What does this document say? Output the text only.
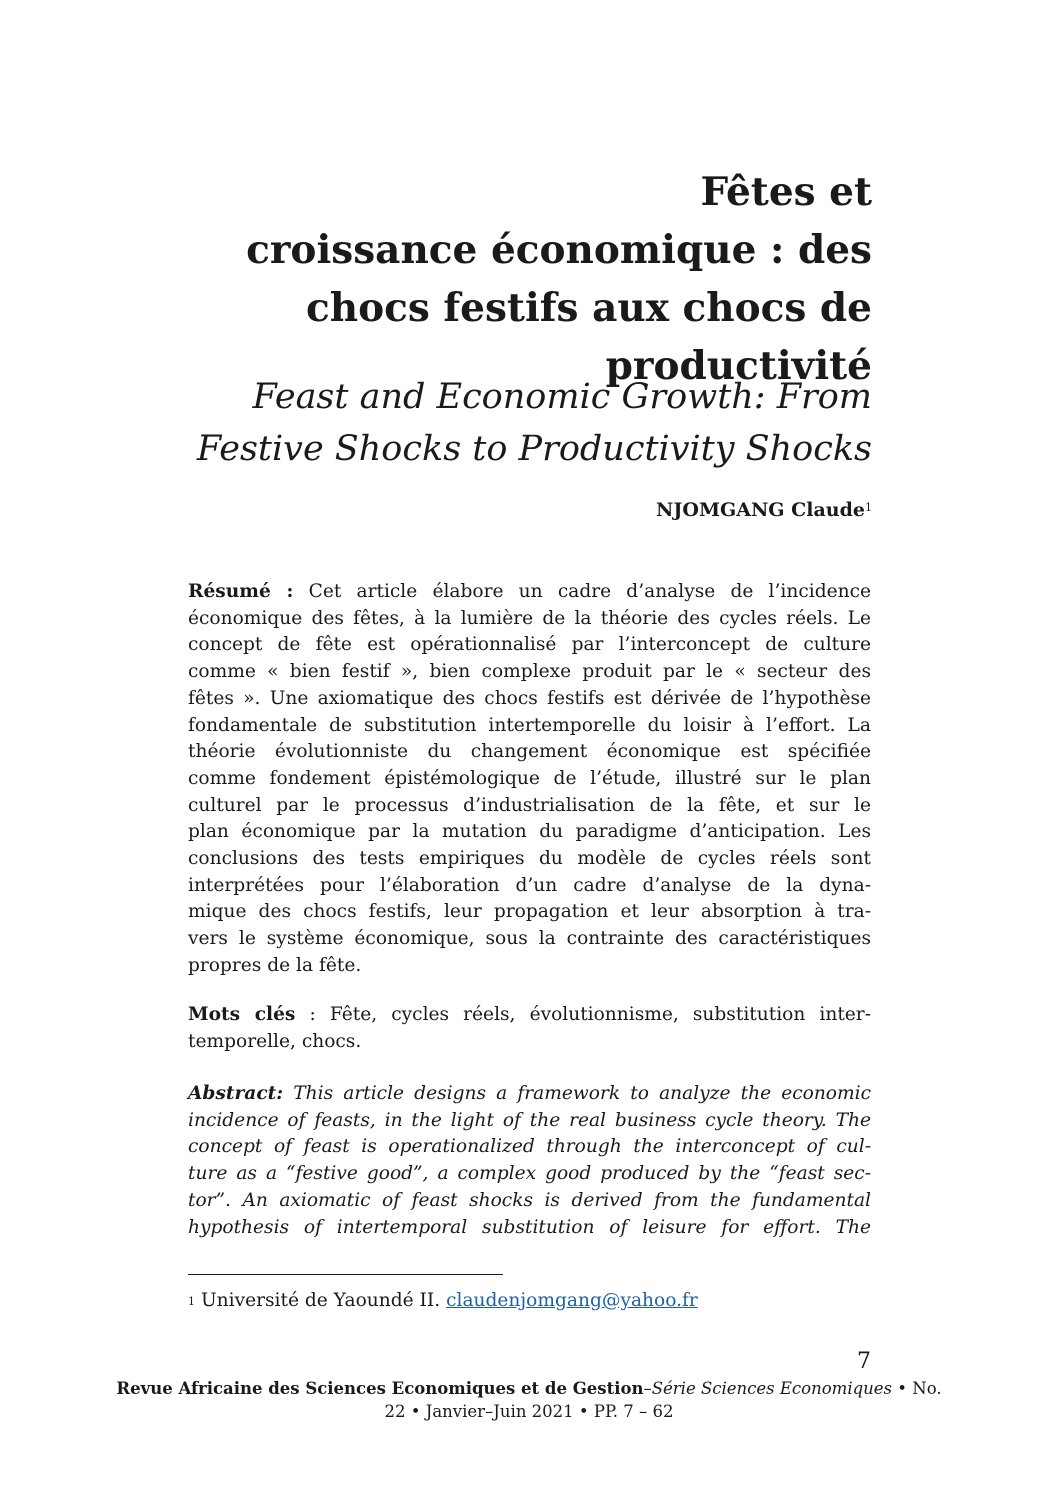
Fêtes et
croissance économique : des
chocs festifs aux chocs de
productivité
Feast and Economic Growth: From
Festive Shocks to Productivity Shocks
NJOMGANG Claude$^1$
Résumé : Cet article élabore un cadre d’analyse de l’incidence
économique des fêtes, à la lumière de la théorie des cycles réels. Le
concept de fête est opérationnalisé par l’interconcept de culture
comme « bien festif », bien complexe produit par le « secteur des
fêtes ». Une axiomatique des chocs festifs est dérivée de l’hypothèse
fondamentale de substitution intertemporelle du loisir à l’effort. La
théorie évolutionniste du changement économique est spécifiée
comme fondement épistémologique de l’étude, illustré sur le plan
culturel par le processus d’industrialisation de la fête, et sur le
plan économique par la mutation du paradigme d’anticipation. Les
conclusions des tests empiriques du modèle de cycles réels sont
interprétées pour l’élaboration d’un cadre d’analyse de la dyna-
mique des chocs festifs, leur propagation et leur absorption à tra-
vers le système économique, sous la contrainte des caractéristiques
propres de la fête.
Mots clés : Fête, cycles réels, évolutionnisme, substitution inter-
temporelle, chocs.
Abstract: This article designs a framework to analyze the economic
incidence of feasts, in the light of the real business cycle theory. The
concept of feast is operationalized through the interconcept of cul-
ture as a “festive good”, a complex good produced by the “feast sec-
tor”. An axiomatic of feast shocks is derived from the fundamental
hypothesis of intertemporal substitution of leisure for effort. The
$^1$ Université de Yaoundé II. claudenjomgang@yahoo.fr
7
Revue Africaine des Sciences Economiques et de Gestion–Série Sciences Economiques • No.
22 • Janvier–Juin 2021 • PP. 7 – 62
